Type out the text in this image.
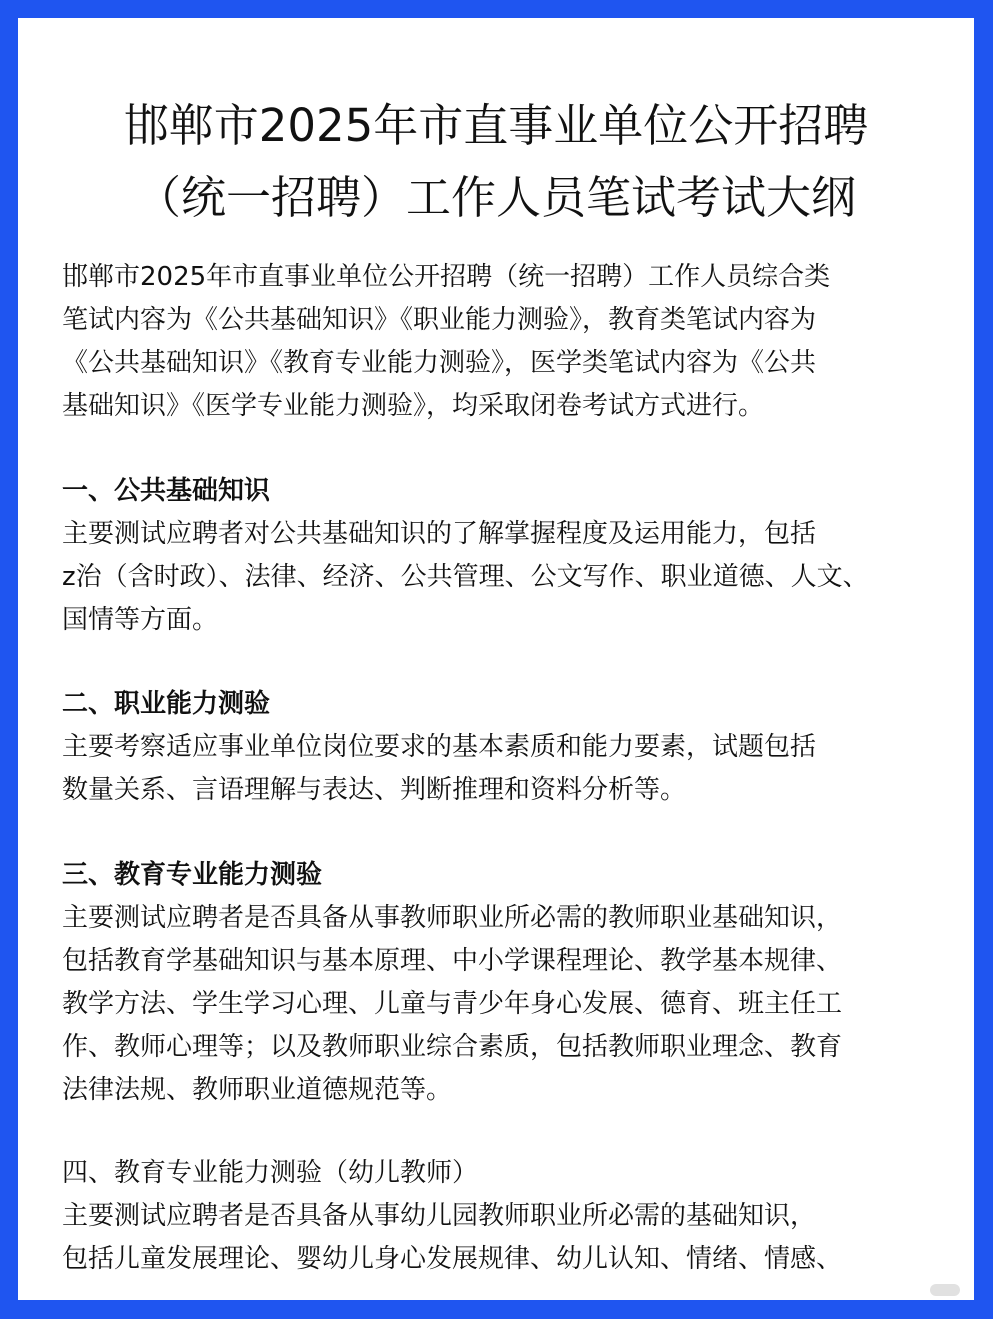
邯郸市2025年市直事业单位公开招聘
（统一招聘）工作人员笔试考试大纲
邯郸市2025年市直事业单位公开招聘（统一招聘）工作人员综合类
笔试内容为《公共基础知识》《职业能力测验》，教育类笔试内容为
《公共基础知识》《教育专业能力测验》，医学类笔试内容为《公共
基础知识》《医学专业能力测验》，均采取闭卷考试方式进行。
一、公共基础知识
主要测试应聘者对公共基础知识的了解掌握程度及运用能力，包括
z治（含时政）、法律、经济、公共管理、公文写作、职业道德、人文、
国情等方面。
二、职业能力测验
主要考察适应事业单位岗位要求的基本素质和能力要素，试题包括
数量关系、言语理解与表达、判断推理和资料分析等。
三、教育专业能力测验
主要测试应聘者是否具备从事教师职业所必需的教师职业基础知识，
包括教育学基础知识与基本原理、中小学课程理论、教学基本规律、
教学方法、学生学习心理、儿童与青少年身心发展、德育、班主任工
作、教师心理等；以及教师职业综合素质，包括教师职业理念、教育
法律法规、教师职业道德规范等。
四、教育专业能力测验（幼儿教师）
主要测试应聘者是否具备从事幼儿园教师职业所必需的基础知识，
包括儿童发展理论、婴幼儿身心发展规律、幼儿认知、情绪、情感、
